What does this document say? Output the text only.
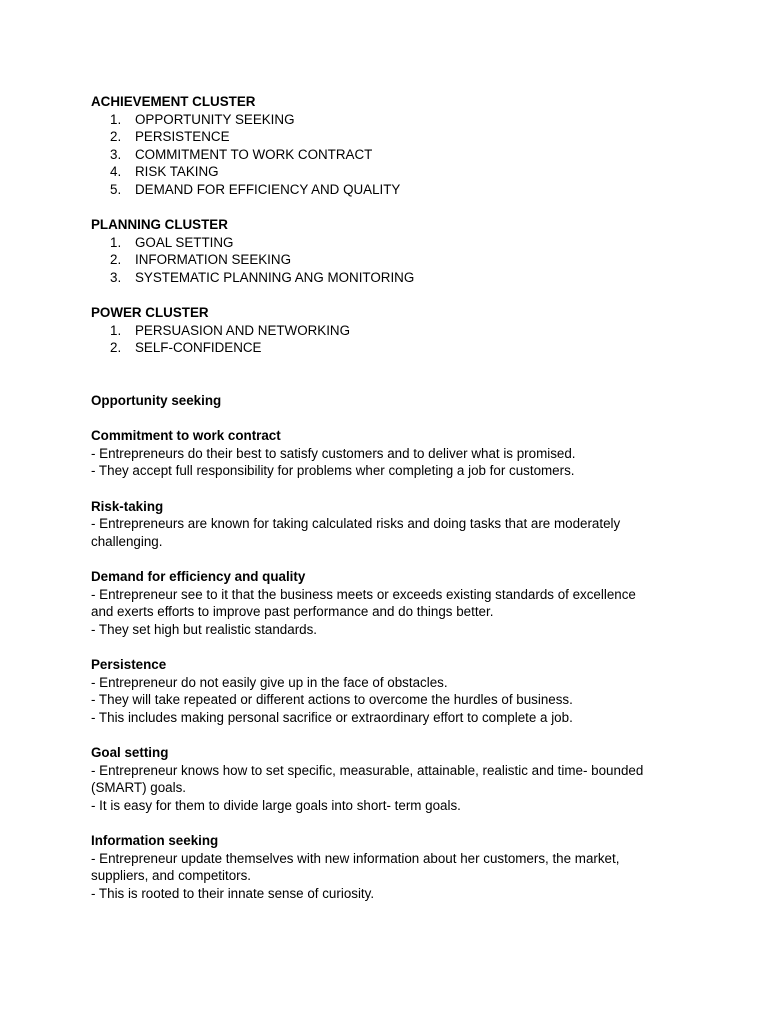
ACHIEVEMENT CLUSTER

1.	OPPORTUNITY SEEKING
2.	PERSISTENCE
3.	COMMITMENT TO WORK CONTRACT
4.	RISK TAKING
5.	DEMAND FOR EFFICIENCY AND QUALITY

PLANNING CLUSTER

1.	GOAL SETTING
2.	INFORMATION SEEKING
3.	SYSTEMATIC PLANNING ANG MONITORING

POWER CLUSTER

1.	PERSUASION AND NETWORKING
2.	SELF-CONFIDENCE

Opportunity seeking

Commitment to work contract

- Entrepreneurs do their best to satisfy customers and to deliver what is promised.

- They accept full responsibility for problems wher completing a job for customers.

Risk-taking

- Entrepreneurs are known for taking calculated risks and doing tasks that are moderately

challenging.

Demand for efficiency and quality

- Entrepreneur see to it that the business meets or exceeds existing standards of excellence

and exerts efforts to improve past performance and do things better.

- They set high but realistic standards.

Persistence

- Entrepreneur do not easily give up in the face of obstacles.

- They will take repeated or different actions to overcome the hurdles of business.

- This includes making personal sacrifice or extraordinary effort to complete a job.

Goal setting

- Entrepreneur knows how to set specific, measurable, attainable, realistic and time- bounded

(SMART) goals.

- It is easy for them to divide large goals into short- term goals.

Information seeking

- Entrepreneur update themselves with new information about her customers, the market,

suppliers, and competitors.

- This is rooted to their innate sense of curiosity.
